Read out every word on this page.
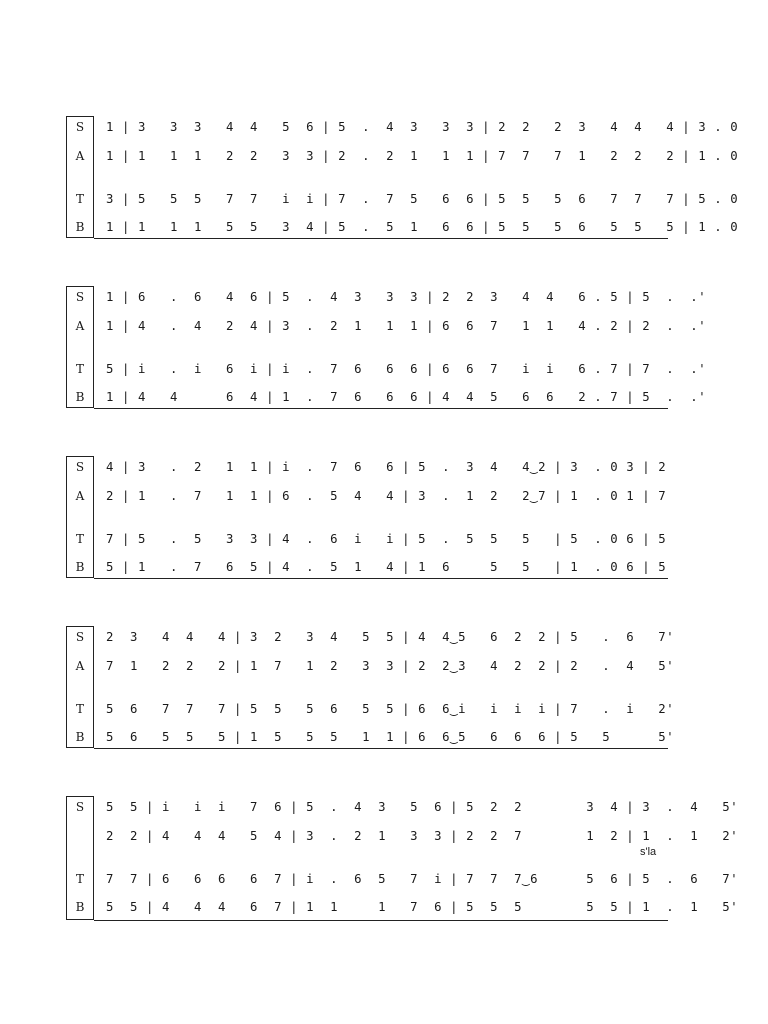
S
A
T
B
1 | 3   3  3   4  4   5  6 | 5  .  4  3   3  3 | 2  2   2  3   4  4   4 | 3 . 0
1 | 1   1  1   2  2   3  3 | 2  .  2  1   1  1 | 7  7   7  1   2  2   2 | 1 . 0
3 | 5   5  5   7  7   i  i | 7  .  7  5   6  6 | 5  5   5  6   7  7   7 | 5 . 0
1 | 1   1  1   5  5   3  4 | 5  .  5  1   6  6 | 5  5   5  6   5  5   5 | 1 . 0
S
A
T
B
1 | 6   .  6   4  6 | 5  .  4  3   3  3 | 2  2  3   4  4   6 . 5 | 5  .  .'
1 | 4   .  4   2  4 | 3  .  2  1   1  1 | 6  6  7   1  1   4 . 2 | 2  .  .'
5 | i   .  i   6  i | i  .  7  6   6  6 | 6  6  7   i  i   6 . 7 | 7  .  .'
1 | 4   4      6  4 | 1  .  7  6   6  6 | 4  4  5   6  6   2 . 7 | 5  .  .'
S
A
T
B
4 | 3   .  2   1  1 | i  .  7  6   6 | 5  .  3  4   4‿2 | 3  . 0 3 | 2
2 | 1   .  7   1  1 | 6  .  5  4   4 | 3  .  1  2   2‿7 | 1  . 0 1 | 7
7 | 5   .  5   3  3 | 4  .  6  i   i | 5  .  5  5   5   | 5  . 0 6 | 5
5 | 1   .  7   6  5 | 4  .  5  1   4 | 1  6     5   5   | 1  . 0 6 | 5
S
A
T
B
2  3   4  4   4 | 3  2   3  4   5  5 | 4  4‿5   6  2  2 | 5   .  6   7'
7  1   2  2   2 | 1  7   1  2   3  3 | 2  2‿3   4  2  2 | 2   .  4   5'
5  6   7  7   7 | 5  5   5  6   5  5 | 6  6‿i   i  i  i | 7   .  i   2'
5  6   5  5   5 | 1  5   5  5   1  1 | 6  6‿5   6  6  6 | 5   5      5'
S
T
B
5  5 | i   i  i   7  6 | 5  .  4  3   5  6 | 5  2  2        3  4 | 3  .  4   5'
2  2 | 4   4  4   5  4 | 3  .  2  1   3  3 | 2  2  7        1  2 | 1  .  1   2'
7  7 | 6   6  6   6  7 | i  .  6  5   7  i | 7  7  7‿6      5  6 | 5  .  6   7'
5  5 | 4   4  4   6  7 | 1  1     1   7  6 | 5  5  5        5  5 | 1  .  1   5'
s'la
